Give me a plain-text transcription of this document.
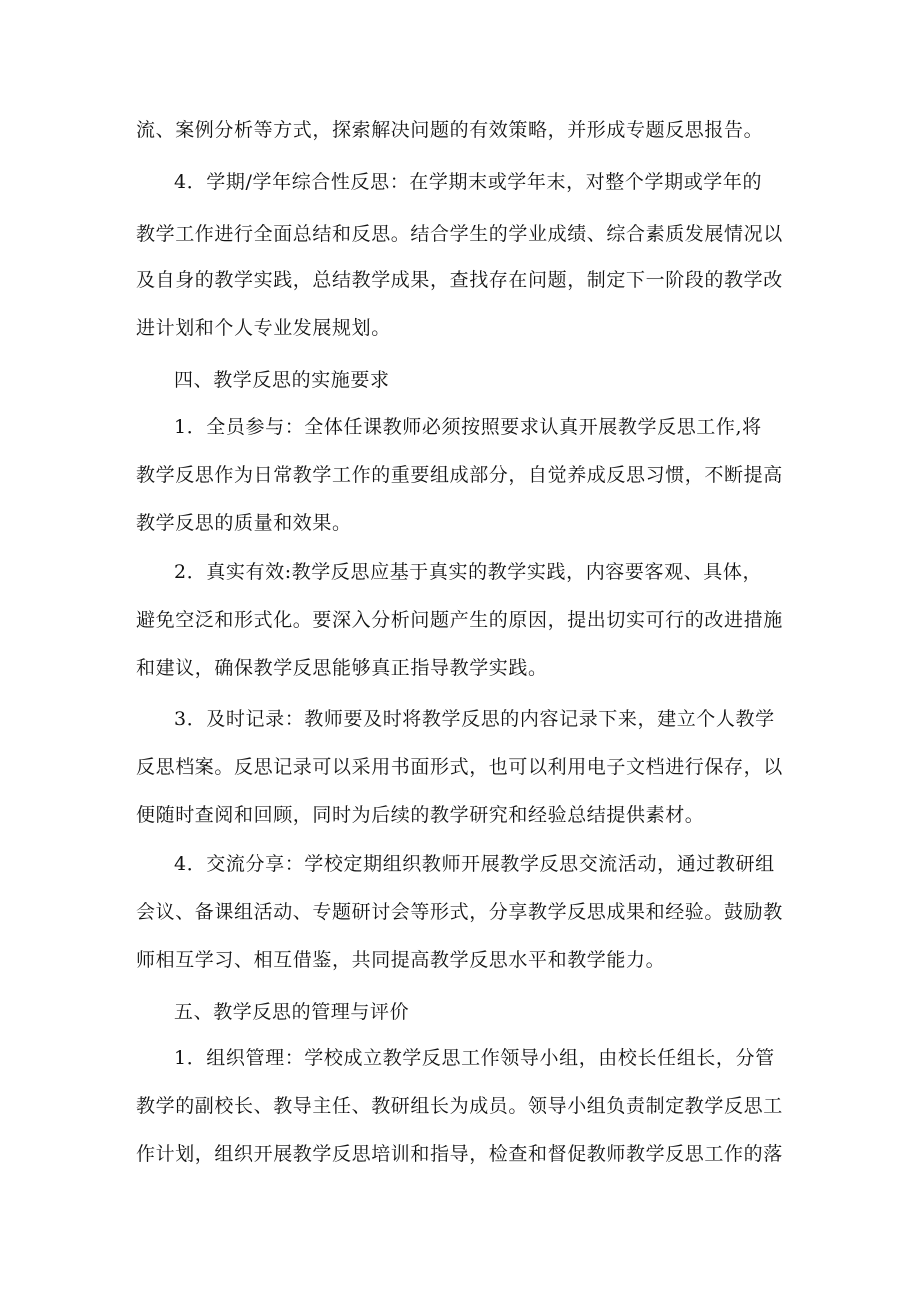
流、案例分析等方式，探索解决问题的有效策略，并形成专题反思报告。
4．学期/学年综合性反思：在学期末或学年末，对整个学期或学年的
教学工作进行全面总结和反思。结合学生的学业成绩、综合素质发展情况以
及自身的教学实践，总结教学成果，查找存在问题，制定下一阶段的教学改
进计划和个人专业发展规划。
四、教学反思的实施要求
1．全员参与：全体任课教师必须按照要求认真开展教学反思工作,将
教学反思作为日常教学工作的重要组成部分，自觉养成反思习惯，不断提高
教学反思的质量和效果。
2．真实有效:教学反思应基于真实的教学实践，内容要客观、具体，
避免空泛和形式化。要深入分析问题产生的原因，提出切实可行的改进措施
和建议，确保教学反思能够真正指导教学实践。
3．及时记录：教师要及时将教学反思的内容记录下来，建立个人教学
反思档案。反思记录可以采用书面形式，也可以利用电子文档进行保存，以
便随时查阅和回顾，同时为后续的教学研究和经验总结提供素材。
4．交流分享：学校定期组织教师开展教学反思交流活动，通过教研组
会议、备课组活动、专题研讨会等形式，分享教学反思成果和经验。鼓励教
师相互学习、相互借鉴，共同提高教学反思水平和教学能力。
五、教学反思的管理与评价
1．组织管理：学校成立教学反思工作领导小组，由校长任组长，分管
教学的副校长、教导主任、教研组长为成员。领导小组负责制定教学反思工
作计划，组织开展教学反思培训和指导，检查和督促教师教学反思工作的落
